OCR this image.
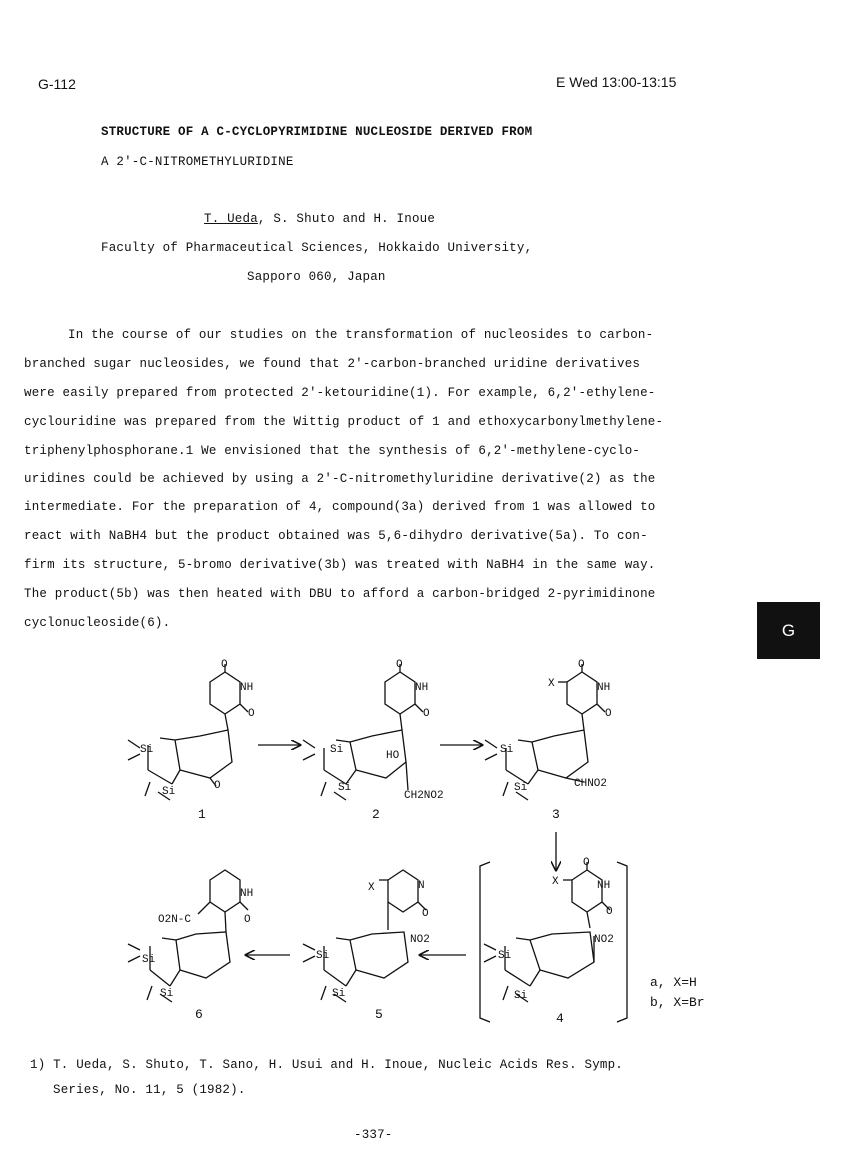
G-112	E Wed 13:00-13:15
STRUCTURE OF A C-CYCLOPYRIMIDINE NUCLEOSIDE DERIVED FROM
A 2'-C-NITROMETHYLURIDINE
T. Ueda, S. Shuto and H. Inoue
Faculty of Pharmaceutical Sciences, Hokkaido University,
Sapporo 060, Japan
In the course of our studies on the transformation of nucleosides to carbon-
branched sugar nucleosides, we found that 2'-carbon-branched uridine derivatives
were easily prepared from protected 2'-ketouridine(1). For example, 6,2'-ethylene-
cyclouridine was prepared from the Wittig product of 1 and ethoxycarbonylmethylene-
triphenylphosphorane.1 We envisioned that the synthesis of 6,2'-methylene-cyclo-
uridines could be achieved by using a 2'-C-nitromethyluridine derivative(2) as the
intermediate. For the preparation of 4, compound(3a) derived from 1 was allowed to
react with NaBH4 but the product obtained was 5,6-dihydro derivative(5a). To con-
firm its structure, 5-bromo derivative(3b) was treated with NaBH4 in the same way.
The product(5b) was then heated with DBU to afford a carbon-bridged 2-pyrimidinone
cyclonucleoside(6).	G
O
NH
O
Si
O
Si
O
NH
O
HO
Si
Si
CH2NO2
O
NH
O
X
Si
Si	CHNO2
O
NH
O
X
NO2
Si
Si
N
O
X
NO2
Si
Si
NH
O
O2N-C
Si
Si
1	2	3
4
5
6
a, X=H
b, X=Br
1) T. Ueda, S. Shuto, T. Sano, H. Usui and H. Inoue, Nucleic Acids Res. Symp.
Series, No. 11, 5 (1982).
-337-
